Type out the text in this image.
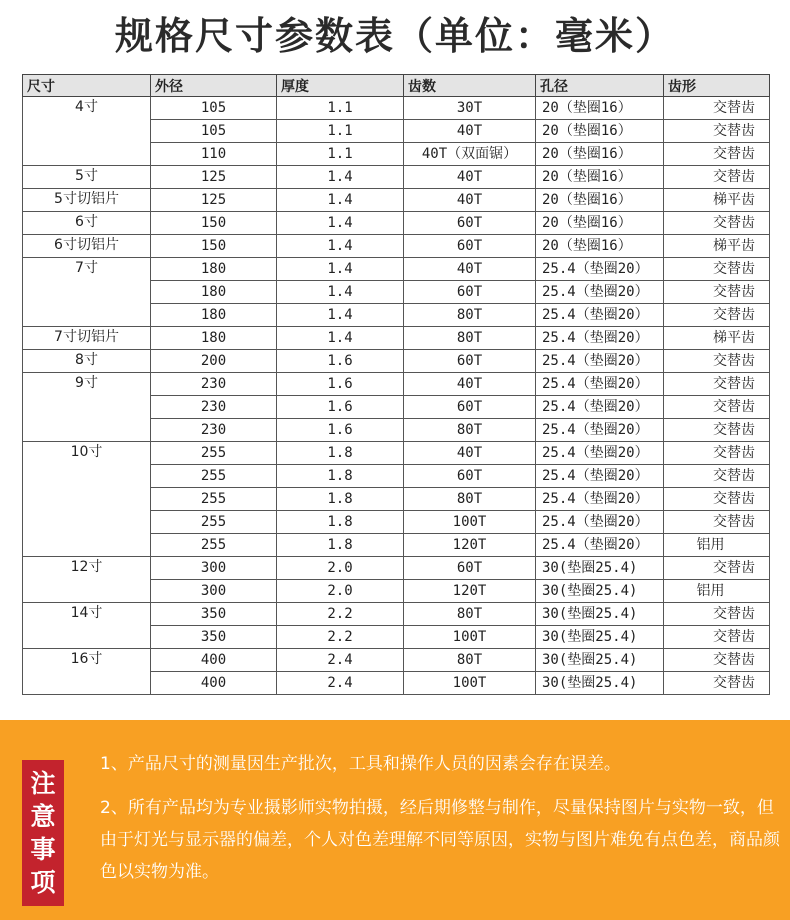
规格尺寸参数表（单位：毫米）
尺寸	外径	厚度	齿数	孔径	齿形
4寸	105	1.1	30T	20（垫圈16）	交替齿
	105	1.1	40T	20（垫圈16）	交替齿
	110	1.1	40T（双面锯）	20（垫圈16）	交替齿
5寸	125	1.4	40T	20（垫圈16）	交替齿
5寸切铝片	125	1.4	40T	20（垫圈16）	梯平齿
6寸	150	1.4	60T	20（垫圈16）	交替齿
6寸切铝片	150	1.4	60T	20（垫圈16）	梯平齿
7寸	180	1.4	40T	25.4（垫圈20）	交替齿
	180	1.4	60T	25.4（垫圈20）	交替齿
	180	1.4	80T	25.4（垫圈20）	交替齿
7寸切铝片	180	1.4	80T	25.4（垫圈20）	梯平齿
8寸	200	1.6	60T	25.4（垫圈20）	交替齿
9寸	230	1.6	40T	25.4（垫圈20）	交替齿
	230	1.6	60T	25.4（垫圈20）	交替齿
	230	1.6	80T	25.4（垫圈20）	交替齿
10寸	255	1.8	40T	25.4（垫圈20）	交替齿
	255	1.8	60T	25.4（垫圈20）	交替齿
	255	1.8	80T	25.4（垫圈20）	交替齿
	255	1.8	100T	25.4（垫圈20）	交替齿
	255	1.8	120T	25.4（垫圈20）	铝用
12寸	300	2.0	60T	30(垫圈25.4)	交替齿
	300	2.0	120T	30(垫圈25.4)	铝用
14寸	350	2.2	80T	30(垫圈25.4)	交替齿
	350	2.2	100T	30(垫圈25.4)	交替齿
16寸	400	2.4	80T	30(垫圈25.4)	交替齿
	400	2.4	100T	30(垫圈25.4)	交替齿
注
意
事
项

1、产品尺寸的测量因生产批次，工具和操作人员的因素会存在误差。

2、所有产品均为专业摄影师实物拍摄，经后期修整与制作，尽量保持图片与实物一致，但由于灯光与显示器的偏差，个人对色差理解不同等原因，实物与图片难免有点色差，商品颜色以实物为准。
